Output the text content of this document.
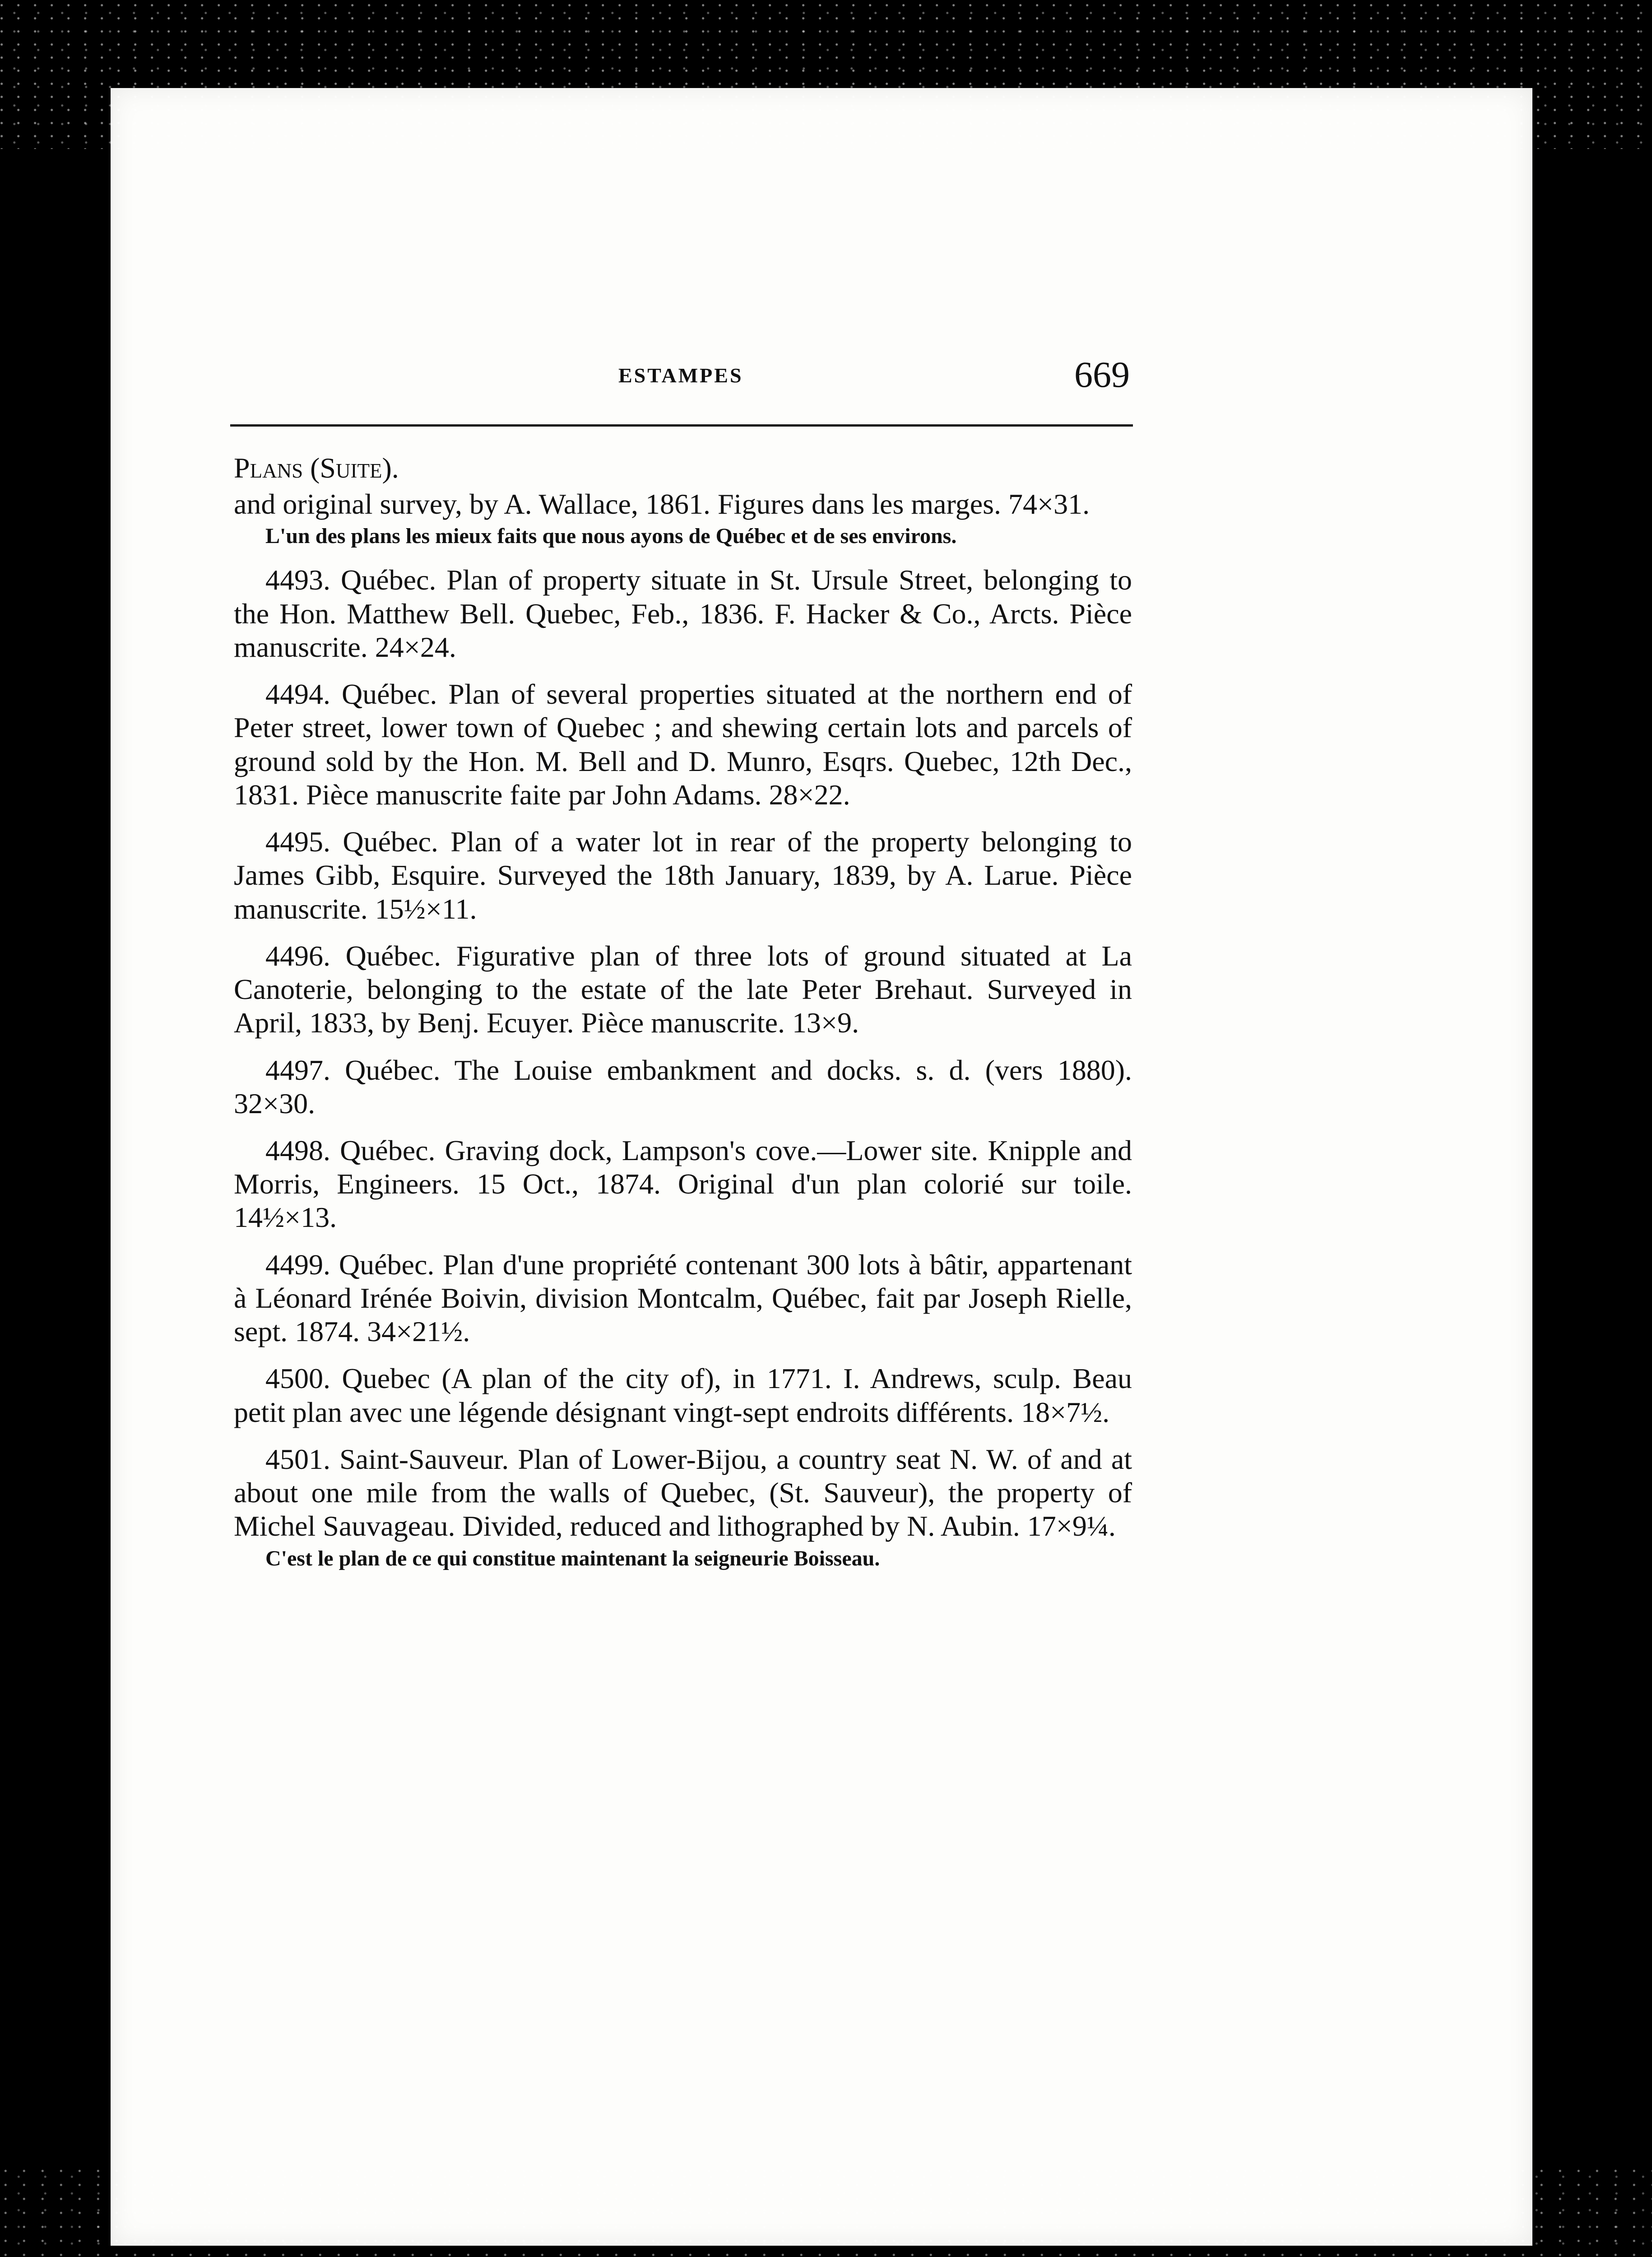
ESTAMPES	669
Plans (Suite).

and original survey, by A. Wallace, 1861. Figures dans les marges. 74×31.

L'un des plans les mieux faits que nous ayons de Québec et de ses environs.

4493. Québec. Plan of property situate in St. Ursule Street, belonging to the Hon. Matthew Bell. Quebec, Feb., 1836. F. Hacker & Co., Arcts. Pièce manuscrite. 24×24.

4494. Québec. Plan of several properties situated at the northern end of Peter street, lower town of Quebec ; and shewing certain lots and parcels of ground sold by the Hon. M. Bell and D. Munro, Esqrs. Quebec, 12th Dec., 1831. Pièce manuscrite faite par John Adams. 28×22.

4495. Québec. Plan of a water lot in rear of the property belonging to James Gibb, Esquire. Surveyed the 18th January, 1839, by A. Larue. Pièce manuscrite. 15½×11.

4496. Québec. Figurative plan of three lots of ground situated at La Canoterie, belonging to the estate of the late Peter Brehaut. Surveyed in April, 1833, by Benj. Ecuyer. Pièce manuscrite. 13×9.

4497. Québec. The Louise embankment and docks. s. d. (vers 1880). 32×30.

4498. Québec. Graving dock, Lampson's cove.—Lower site. Knipple and Morris, Engineers. 15 Oct., 1874. Original d'un plan colorié sur toile. 14½×13.

4499. Québec. Plan d'une propriété contenant 300 lots à bâtir, appartenant à Léonard Irénée Boivin, division Montcalm, Québec, fait par Joseph Rielle, sept. 1874. 34×21½.

4500. Quebec (A plan of the city of), in 1771. I. Andrews, sculp. Beau petit plan avec une légende désignant vingt-sept endroits différents. 18×7½.

4501. Saint-Sauveur. Plan of Lower-Bijou, a country seat N. W. of and at about one mile from the walls of Quebec, (St. Sauveur), the property of Michel Sauvageau. Divided, reduced and lithographed by N. Aubin. 17×9¼.

C'est le plan de ce qui constitue maintenant la seigneurie Boisseau.
